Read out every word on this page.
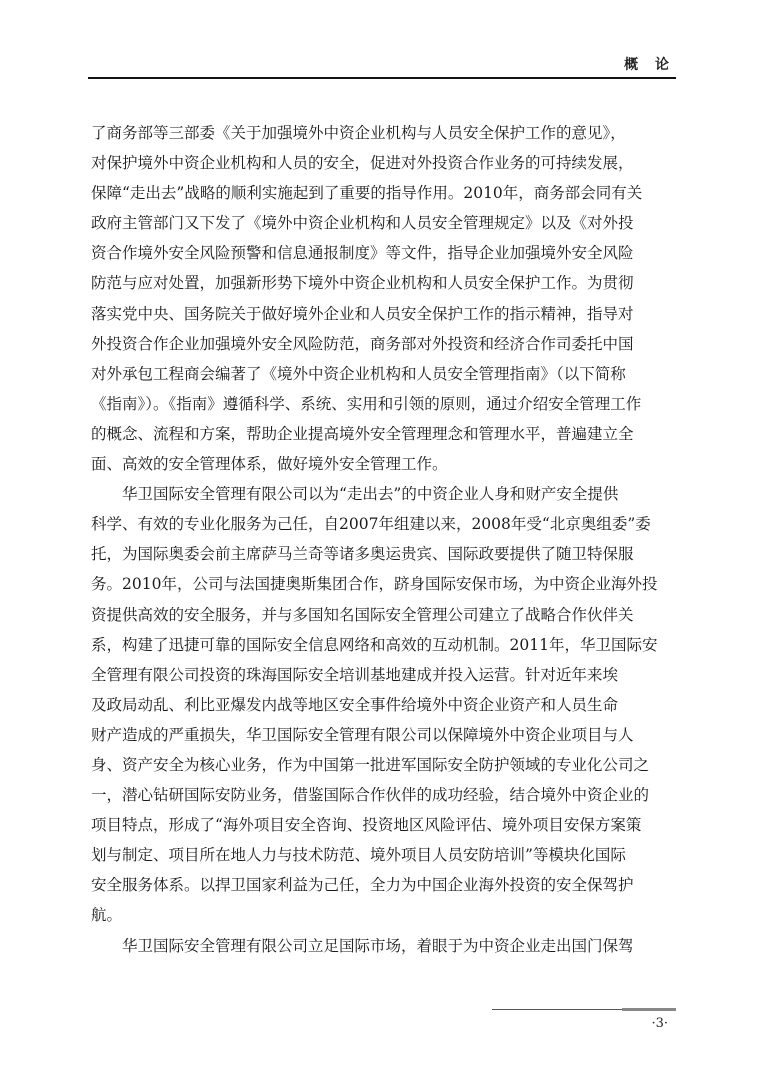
概 论

了商务部等三部委《关于加强境外中资企业机构与人员安全保护工作的意见》，
对保护境外中资企业机构和人员的安全，促进对外投资合作业务的可持续发展，
保障“走出去”战略的顺利实施起到了重要的指导作用。2010年，商务部会同有关
政府主管部门又下发了《境外中资企业机构和人员安全管理规定》以及《对外投
资合作境外安全风险预警和信息通报制度》等文件，指导企业加强境外安全风险
防范与应对处置，加强新形势下境外中资企业机构和人员安全保护工作。为贯彻
落实党中央、国务院关于做好境外企业和人员安全保护工作的指示精神，指导对
外投资合作企业加强境外安全风险防范，商务部对外投资和经济合作司委托中国
对外承包工程商会编著了《境外中资企业机构和人员安全管理指南》（以下简称
《指南》）。《指南》遵循科学、系统、实用和引领的原则，通过介绍安全管理工作
的概念、流程和方案，帮助企业提高境外安全管理理念和管理水平，普遍建立全
面、高效的安全管理体系，做好境外安全管理工作。

华卫国际安全管理有限公司以为“走出去”的中资企业人身和财产安全提供
科学、有效的专业化服务为己任，自2007年组建以来，2008年受“北京奥组委”委
托，为国际奥委会前主席萨马兰奇等诸多奥运贵宾、国际政要提供了随卫特保服
务。2010年，公司与法国捷奥斯集团合作，跻身国际安保市场，为中资企业海外投
资提供高效的安全服务，并与多国知名国际安全管理公司建立了战略合作伙伴关
系，构建了迅捷可靠的国际安全信息网络和高效的互动机制。2011年，华卫国际安
全管理有限公司投资的珠海国际安全培训基地建成并投入运营。针对近年来埃
及政局动乱、利比亚爆发内战等地区安全事件给境外中资企业资产和人员生命
财产造成的严重损失，华卫国际安全管理有限公司以保障境外中资企业项目与人
身、资产安全为核心业务，作为中国第一批进军国际安全防护领域的专业化公司之
一，潜心钻研国际安防业务，借鉴国际合作伙伴的成功经验，结合境外中资企业的
项目特点，形成了“海外项目安全咨询、投资地区风险评估、境外项目安保方案策
划与制定、项目所在地人力与技术防范、境外项目人员安防培训”等模块化国际
安全服务体系。以捍卫国家利益为己任，全力为中国企业海外投资的安全保驾护
航。

华卫国际安全管理有限公司立足国际市场，着眼于为中资企业走出国门保驾

·3·
